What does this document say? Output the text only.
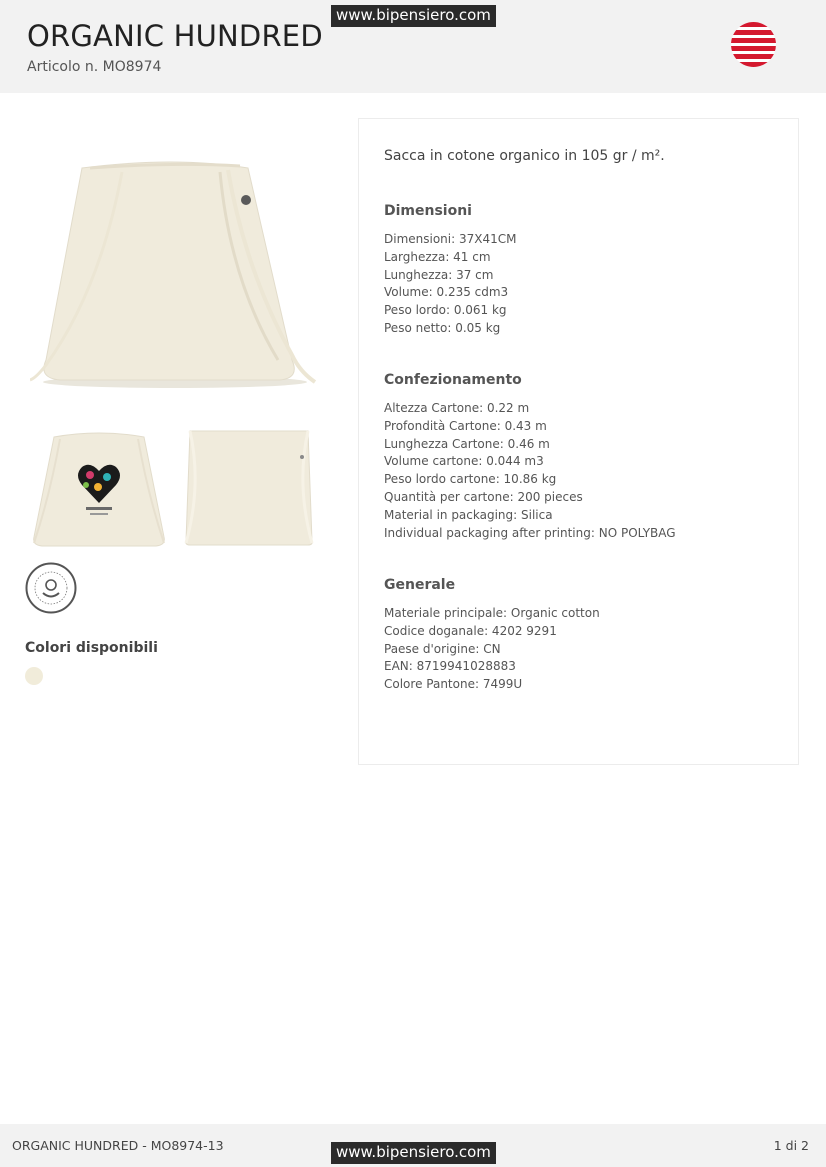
ORGANIC HUNDRED
Articolo n. MO8974
www.bipensiero.com
Colori disponibili
Sacca in cotone organico in 105 gr / m².
Dimensioni
Dimensioni: 37X41CM
Larghezza: 41 cm
Lunghezza: 37 cm
Volume: 0.235 cdm3
Peso lordo: 0.061 kg
Peso netto: 0.05 kg
Confezionamento
Altezza Cartone: 0.22 m
Profondità Cartone: 0.43 m
Lunghezza Cartone: 0.46 m
Volume cartone: 0.044 m3
Peso lordo cartone: 10.86 kg
Quantità per cartone: 200 pieces
Material in packaging: Silica
Individual packaging after printing: NO POLYBAG
Generale
Materiale principale: Organic cotton
Codice doganale: 4202 9291
Paese d'origine: CN
EAN: 8719941028883
Colore Pantone: 7499U
ORGANIC HUNDRED - MO8974-13	www.bipensiero.com	1 di 2
